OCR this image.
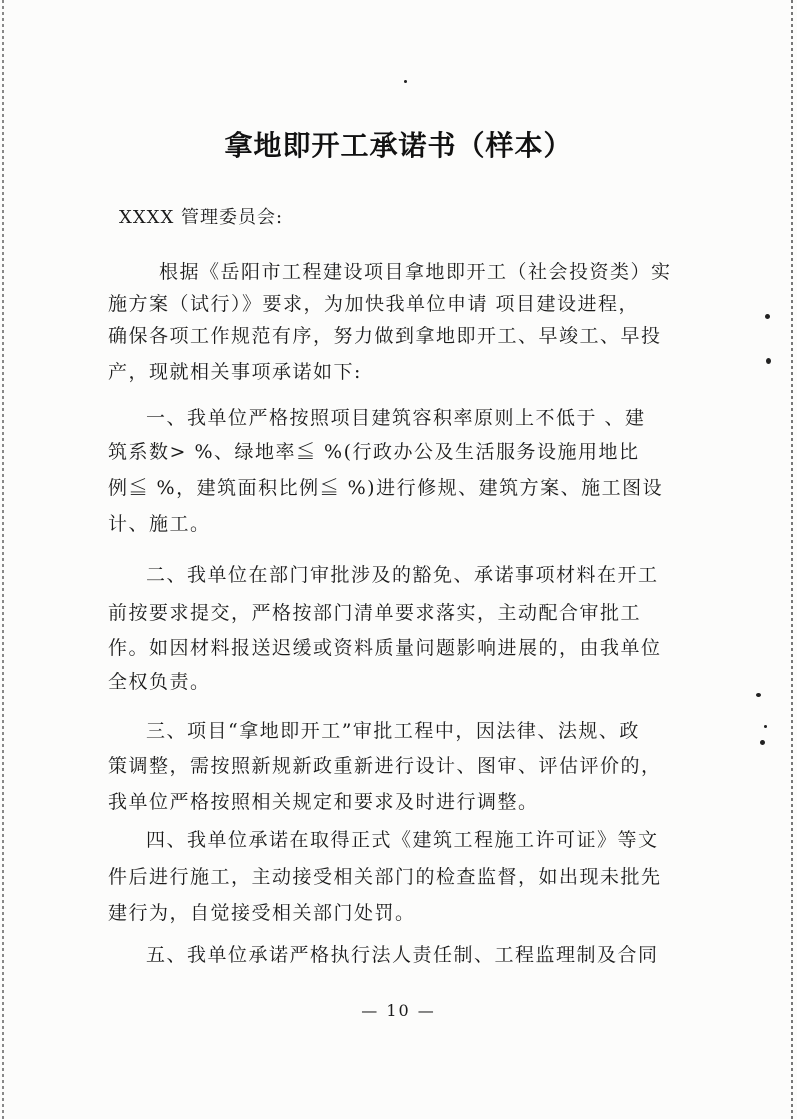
拿地即开工承诺书（样本）
XXXX 管理委员会:
根据《岳阳市工程建设项目拿地即开工（社会投资类）实
施方案（试行）》要求，为加快我单位申请 项目建设进程，
确保各项工作规范有序，努力做到拿地即开工、早竣工、早投
产，现就相关事项承诺如下:
一、我单位严格按照项目建筑容积率原则上不低于 、建
筑系数> %、绿地率≦ %(行政办公及生活服务设施用地比
例≦ %，建筑面积比例≦ %)进行修规、建筑方案、施工图设
计、施工。
二、我单位在部门审批涉及的豁免、承诺事项材料在开工
前按要求提交，严格按部门清单要求落实，主动配合审批工
作。如因材料报送迟缓或资料质量问题影响进展的，由我单位
全权负责。
三、项目“拿地即开工”审批工程中，因法律、法规、政
策调整，需按照新规新政重新进行设计、图审、评估评价的，
我单位严格按照相关规定和要求及时进行调整。
四、我单位承诺在取得正式《建筑工程施工许可证》等文
件后进行施工，主动接受相关部门的检查监督，如出现未批先
建行为，自觉接受相关部门处罚。
五、我单位承诺严格执行法人责任制、工程监理制及合同
— 10 —
